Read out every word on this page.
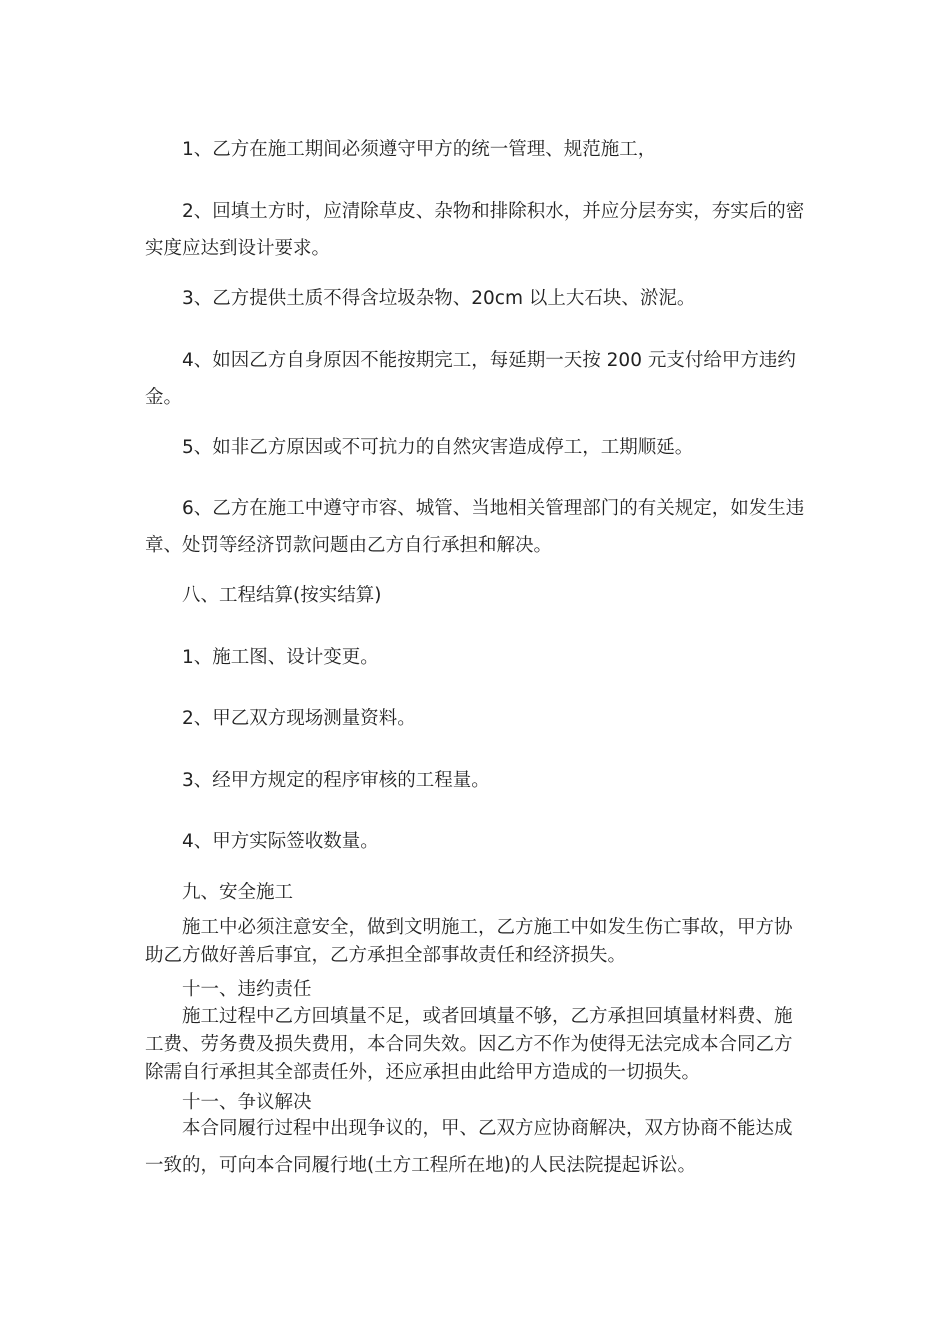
1、乙方在施工期间必须遵守甲方的统一管理、规范施工，

2、回填土方时，应清除草皮、杂物和排除积水，并应分层夯实，夯实后的密实度应达到设计要求。

3、乙方提供土质不得含垃圾杂物、20cm 以上大石块、淤泥。

4、如因乙方自身原因不能按期完工，每延期一天按 200 元支付给甲方违约金。

5、如非乙方原因或不可抗力的自然灾害造成停工，工期顺延。

6、乙方在施工中遵守市容、城管、当地相关管理部门的有关规定，如发生违章、处罚等经济罚款问题由乙方自行承担和解决。

八、工程结算(按实结算)

1、施工图、设计变更。

2、甲乙双方现场测量资料。

3、经甲方规定的程序审核的工程量。

4、甲方实际签收数量。

九、安全施工

施工中必须注意安全，做到文明施工，乙方施工中如发生伤亡事故，甲方协助乙方做好善后事宜，乙方承担全部事故责任和经济损失。

十一、违约责任

施工过程中乙方回填量不足，或者回填量不够，乙方承担回填量材料费、施工费、劳务费及损失费用，本合同失效。因乙方不作为使得无法完成本合同乙方除需自行承担其全部责任外，还应承担由此给甲方造成的一切损失。

十一、争议解决

本合同履行过程中出现争议的，甲、乙双方应协商解决，双方协商不能达成一致的，可向本合同履行地(土方工程所在地)的人民法院提起诉讼。
